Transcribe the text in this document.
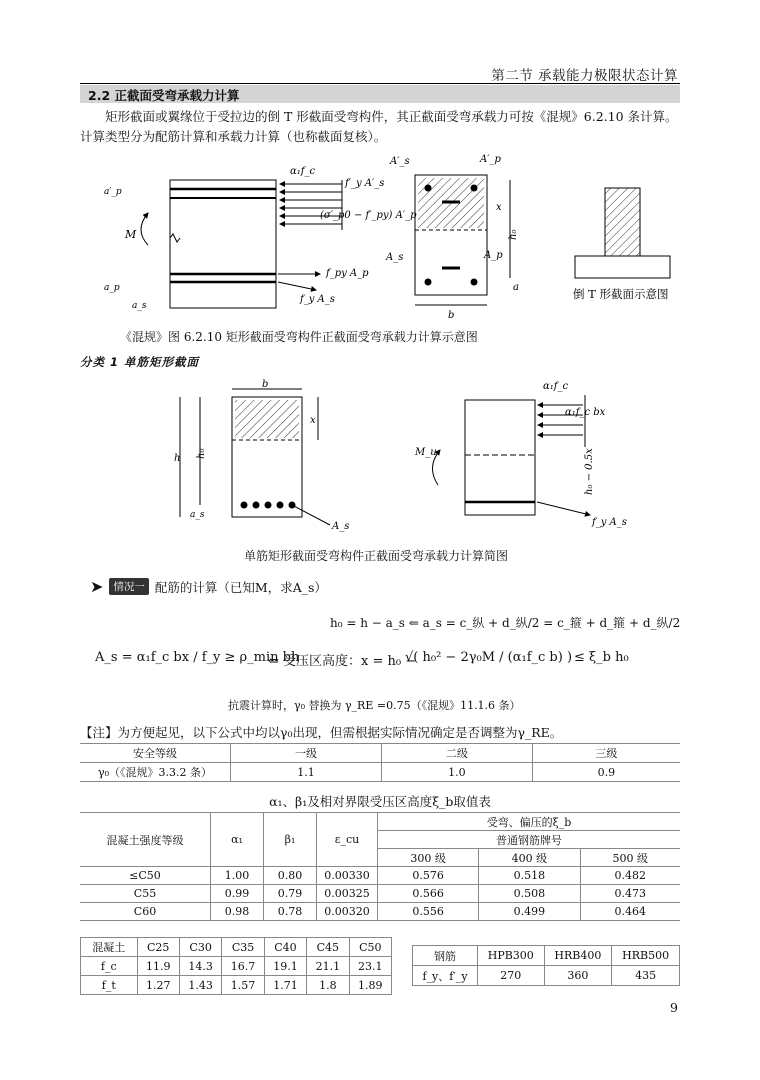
第二节 承载能力极限状态计算
2.2 正截面受弯承载力计算
矩形截面或翼缘位于受拉边的倒 T 形截面受弯构件，其正截面受弯承载力可按《混规》6.2.10 条计算。计算类型分为配筋计算和承载力计算（也称截面复核）。
M
α₁f_c
f′_y A′_s
(σ′_p0 − f′_py) A′_p
f_py A_p
f_y A_s
a′_p
a_p
a_s
A′_s	A′_p
A_s	A_p
h₀
x
a
b
倒 T 形截面示意图
《混规》图 6.2.10 矩形截面受弯构件正截面受弯承载力计算示意图
分类 1 单筋矩形截面
A_s
b
h h₀
a_s
x
M_u
α₁f_c
α₁f_c bx
h₀ − 0.5x
f_y A_s
单筋矩形截面受弯构件正截面受弯承载力计算简图
➤ 情况一 配筋的计算（已知M，求A_s）
h₀ = h − a_s ⇐ a_s = c_纵 + d_纵/2 = c_箍 + d_箍 + d_纵/2
A_s = α₁f_c bx / f_y ≥ ρ_min bh
⇐ 受压区高度：x = h₀ −
√( h₀² − 2γ₀M / (α₁f_c b) ) ≤ ξ_b h₀
抗震计算时，γ₀ 替换为 γ_RE =0.75（《混规》11.1.6 条）
【注】为方便起见，以下公式中均以γ₀出现，但需根据实际情况确定是否调整为γ_RE。
安全等级	一级	二级	三级
γ₀（《混规》3.3.2 条）	1.1	1.0	0.9
α₁、β₁及相对界限受压区高度ξ_b取值表
混凝土强度等级	α₁	β₁	ε_cu	受弯、偏压的ξ_b		
				普通钢筋牌号		
				300 级	400 级	500 级
≤C50	1.00	0.80	0.00330	0.576	0.518	0.482
C55	0.99	0.79	0.00325	0.566	0.508	0.473
C60	0.98	0.78	0.00320	0.556	0.499	0.464
混凝土	C25	C30	C35	C40	C45	C50
f_c	11.9	14.3	16.7	19.1	21.1	23.1
f_t	1.27	1.43	1.57	1.71	1.8	1.89
钢筋	HPB300	HRB400	HRB500
f_y、f′_y	270	360	435
9
